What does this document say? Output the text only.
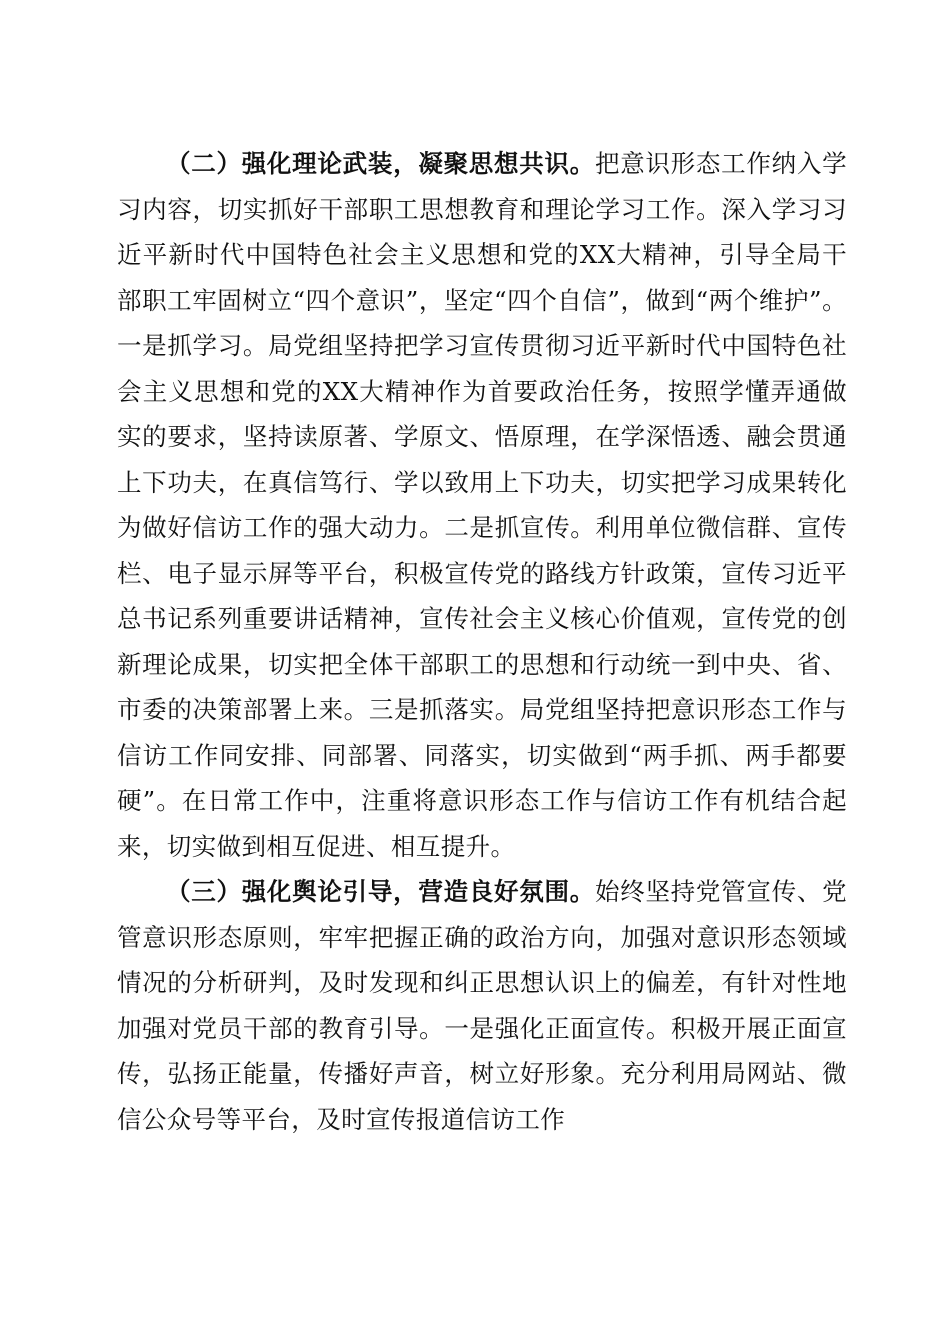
（二）强化理论武装，凝聚思想共识。把意识形态工作纳入学习内容，切实抓好干部职工思想教育和理论学习工作。深入学习习近平新时代中国特色社会主义思想和党的XX大精神，引导全局干部职工牢固树立“四个意识”，坚定“四个自信”，做到“两个维护”。一是抓学习。局党组坚持把学习宣传贯彻习近平新时代中国特色社会主义思想和党的XX大精神作为首要政治任务，按照学懂弄通做实的要求，坚持读原著、学原文、悟原理，在学深悟透、融会贯通上下功夫，在真信笃行、学以致用上下功夫，切实把学习成果转化为做好信访工作的强大动力。二是抓宣传。利用单位微信群、宣传栏、电子显示屏等平台，积极宣传党的路线方针政策，宣传习近平总书记系列重要讲话精神，宣传社会主义核心价值观，宣传党的创新理论成果，切实把全体干部职工的思想和行动统一到中央、省、市委的决策部署上来。三是抓落实。局党组坚持把意识形态工作与信访工作同安排、同部署、同落实，切实做到“两手抓、两手都要硬”。在日常工作中，注重将意识形态工作与信访工作有机结合起来，切实做到相互促进、相互提升。

（三）强化舆论引导，营造良好氛围。始终坚持党管宣传、党管意识形态原则，牢牢把握正确的政治方向，加强对意识形态领域情况的分析研判，及时发现和纠正思想认识上的偏差，有针对性地加强对党员干部的教育引导。一是强化正面宣传。积极开展正面宣传，弘扬正能量，传播好声音，树立好形象。充分利用局网站、微信公众号等平台，及时宣传报道信访工作
